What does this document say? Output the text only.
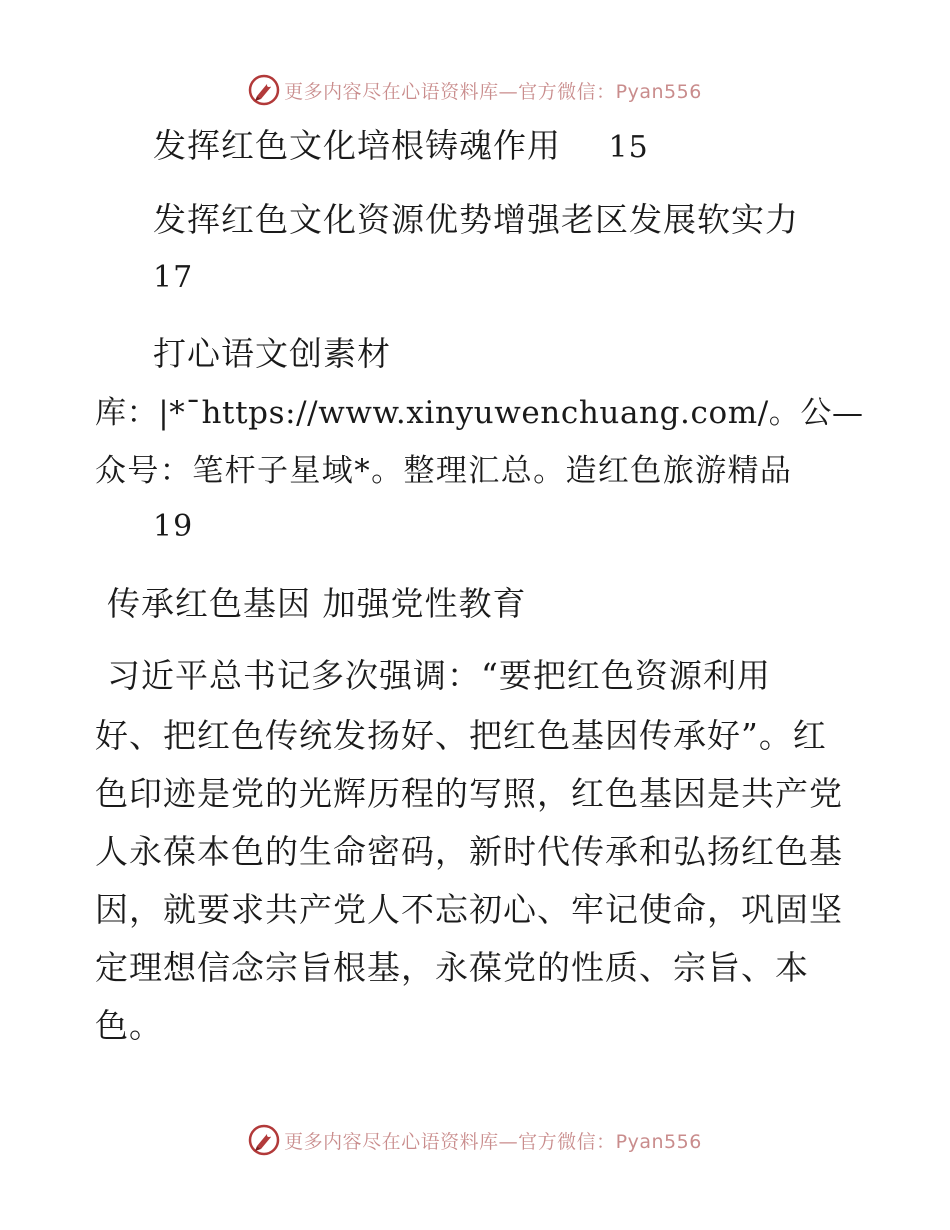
更多内容尽在心语资料库—官方微信：Pyan556
发挥红色文化培根铸魂作用 15
发挥红色文化资源优势增强老区发展软实力
17
打心语文创素材
库：|*¯https://www.xinyuwenchuang.com/。公—
众号：笔杆子星域*。整理汇总。造红色旅游精品
19
传承红色基因 加强党性教育
习近平总书记多次强调：“要把红色资源利用
好、把红色传统发扬好、把红色基因传承好”。红
色印迹是党的光辉历程的写照，红色基因是共产党
人永葆本色的生命密码，新时代传承和弘扬红色基
因，就要求共产党人不忘初心、牢记使命，巩固坚
定理想信念宗旨根基，永葆党的性质、宗旨、本
色。
更多内容尽在心语资料库—官方微信：Pyan556
